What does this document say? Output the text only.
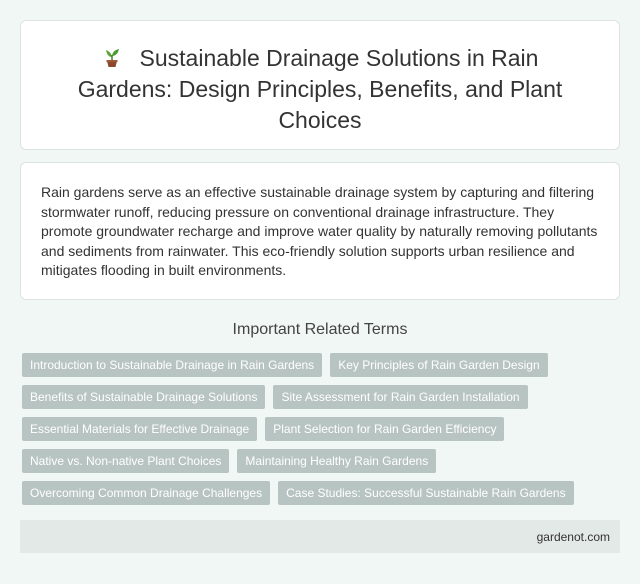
Sustainable Drainage Solutions in Rain Gardens: Design Principles, Benefits, and Plant Choices

Rain gardens serve as an effective sustainable drainage system by capturing and filtering stormwater runoff, reducing pressure on conventional drainage infrastructure. They promote groundwater recharge and improve water quality by naturally removing pollutants and sediments from rainwater. This eco-friendly solution supports urban resilience and mitigates flooding in built environments.

Important Related Terms
Introduction to Sustainable Drainage in Rain Gardens	Key Principles of Rain Garden Design
Benefits of Sustainable Drainage Solutions	Site Assessment for Rain Garden Installation
Essential Materials for Effective Drainage	Plant Selection for Rain Garden Efficiency
Native vs. Non-native Plant Choices	Maintaining Healthy Rain Gardens
Overcoming Common Drainage Challenges	Case Studies: Successful Sustainable Rain Gardens
gardenot.com
